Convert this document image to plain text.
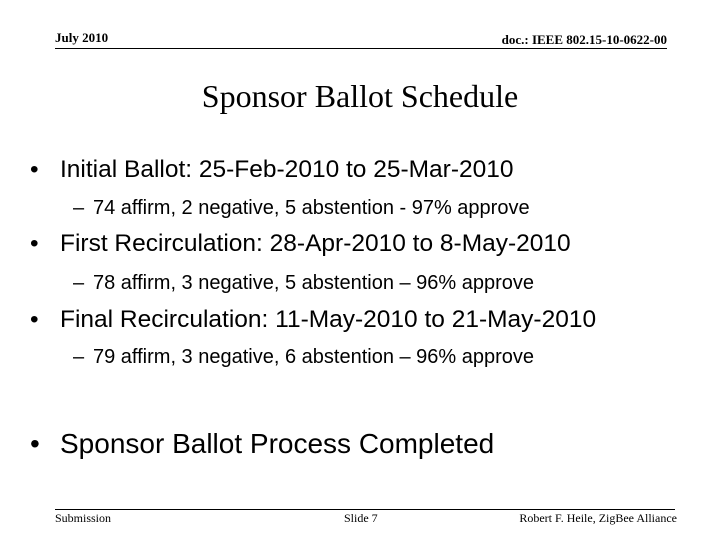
July 2010	doc.: IEEE 802.15-10-0622-00
Sponsor Ballot Schedule
• Initial Ballot: 25-Feb-2010 to 25-Mar-2010
– 74 affirm, 2 negative, 5 abstention - 97% approve
• First Recirculation: 28-Apr-2010 to 8-May-2010
– 78 affirm, 3 negative, 5 abstention – 96% approve
• Final Recirculation: 11-May-2010 to 21-May-2010
– 79 affirm, 3 negative, 6 abstention – 96% approve
• Sponsor Ballot Process Completed
Submission	Slide 7	Robert F. Heile, ZigBee Alliance
